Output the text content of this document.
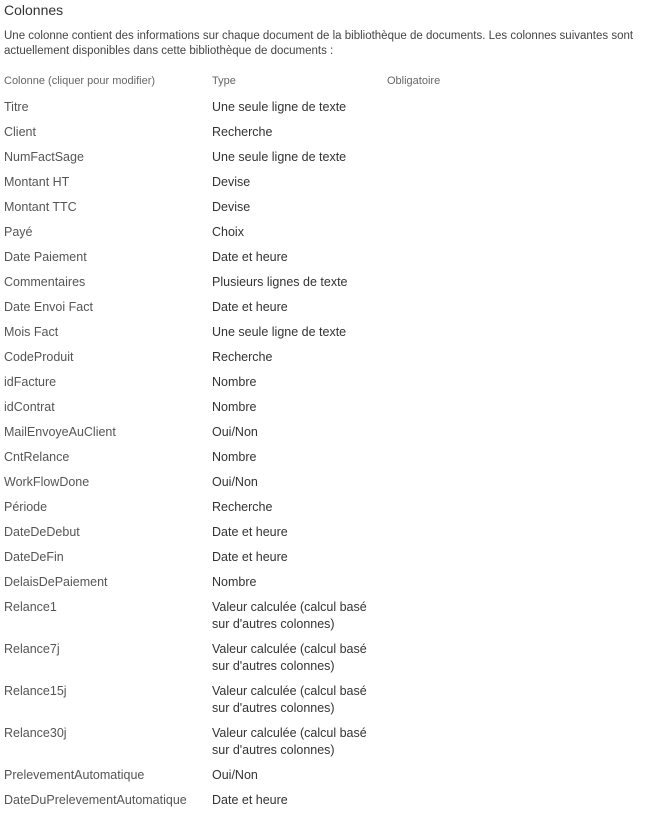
Colonnes
Une colonne contient des informations sur chaque document de la bibliothèque de documents. Les colonnes suivantes sont actuellement disponibles dans cette bibliothèque de documents :
Colonne (cliquer pour modifier)	Type	Obligatoire
Titre	Une seule ligne de texte
Client	Recherche
NumFactSage	Une seule ligne de texte
Montant HT	Devise
Montant TTC	Devise
Payé	Choix
Date Paiement	Date et heure
Commentaires	Plusieurs lignes de texte
Date Envoi Fact	Date et heure
Mois Fact	Une seule ligne de texte
CodeProduit	Recherche
idFacture	Nombre
idContrat	Nombre
MailEnvoyeAuClient	Oui/Non
CntRelance	Nombre
WorkFlowDone	Oui/Non
Période	Recherche
DateDeDebut	Date et heure
DateDeFin	Date et heure
DelaisDePaiement	Nombre
Relance1	Valeur calculée (calcul basé sur d'autres colonnes)
Relance7j	Valeur calculée (calcul basé sur d'autres colonnes)
Relance15j	Valeur calculée (calcul basé sur d'autres colonnes)
Relance30j	Valeur calculée (calcul basé sur d'autres colonnes)
PrelevementAutomatique	Oui/Non
DateDuPrelevementAutomatique Date et heure
